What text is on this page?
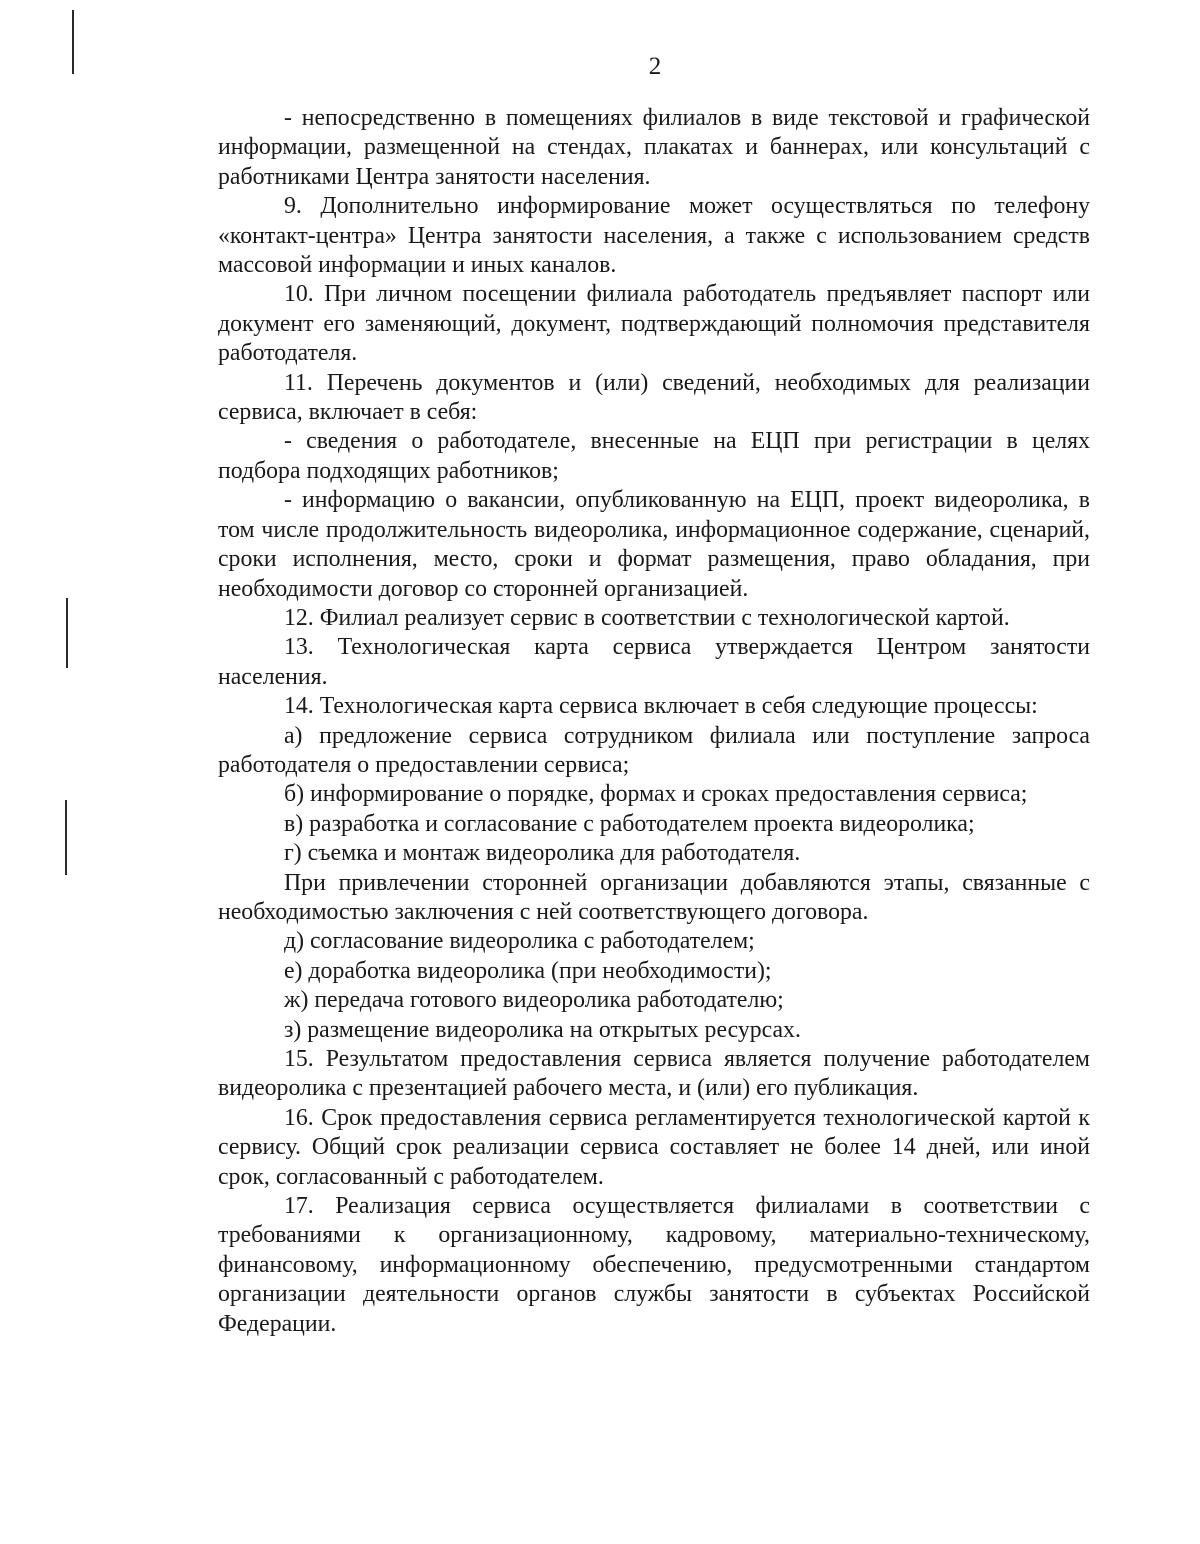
2

- непосредственно в помещениях филиалов в виде текстовой и графической информации, размещенной на стендах, плакатах и баннерах, или консультаций с работниками Центра занятости населения.

9. Дополнительно информирование может осуществляться по телефону «контакт-центра» Центра занятости населения, а также с использованием средств массовой информации и иных каналов.

10. При личном посещении филиала работодатель предъявляет паспорт или документ его заменяющий, документ, подтверждающий полномочия представителя работодателя.

11. Перечень документов и (или) сведений, необходимых для реализации сервиса, включает в себя:

- сведения о работодателе, внесенные на ЕЦП при регистрации в целях подбора подходящих работников;

- информацию о вакансии, опубликованную на ЕЦП, проект видеоролика, в том числе продолжительность видеоролика, информационное содержание, сценарий, сроки исполнения, место, сроки и формат размещения, право обладания, при необходимости договор со сторонней организацией.

12. Филиал реализует сервис в соответствии с технологической картой.

13. Технологическая карта сервиса утверждается Центром занятости населения.

14. Технологическая карта сервиса включает в себя следующие процессы:

а) предложение сервиса сотрудником филиала или поступление запроса работодателя о предоставлении сервиса;

б) информирование о порядке, формах и сроках предоставления сервиса;

в) разработка и согласование с работодателем проекта видеоролика;

г) съемка и монтаж видеоролика для работодателя.

При привлечении сторонней организации добавляются этапы, связанные с необходимостью заключения с ней соответствующего договора.

д) согласование видеоролика с работодателем;

е) доработка видеоролика (при необходимости);

ж) передача готового видеоролика работодателю;

з) размещение видеоролика на открытых ресурсах.

15. Результатом предоставления сервиса является получение работодателем видеоролика с презентацией рабочего места, и (или) его публикация.

16. Срок предоставления сервиса регламентируется технологической картой к сервису. Общий срок реализации сервиса составляет не более 14 дней, или иной срок, согласованный с работодателем.

17. Реализация сервиса осуществляется филиалами в соответствии с требованиями к организационному, кадровому, материально-техническому, финансовому, информационному обеспечению, предусмотренными стандартом организации деятельности органов службы занятости в субъектах Российской Федерации.
